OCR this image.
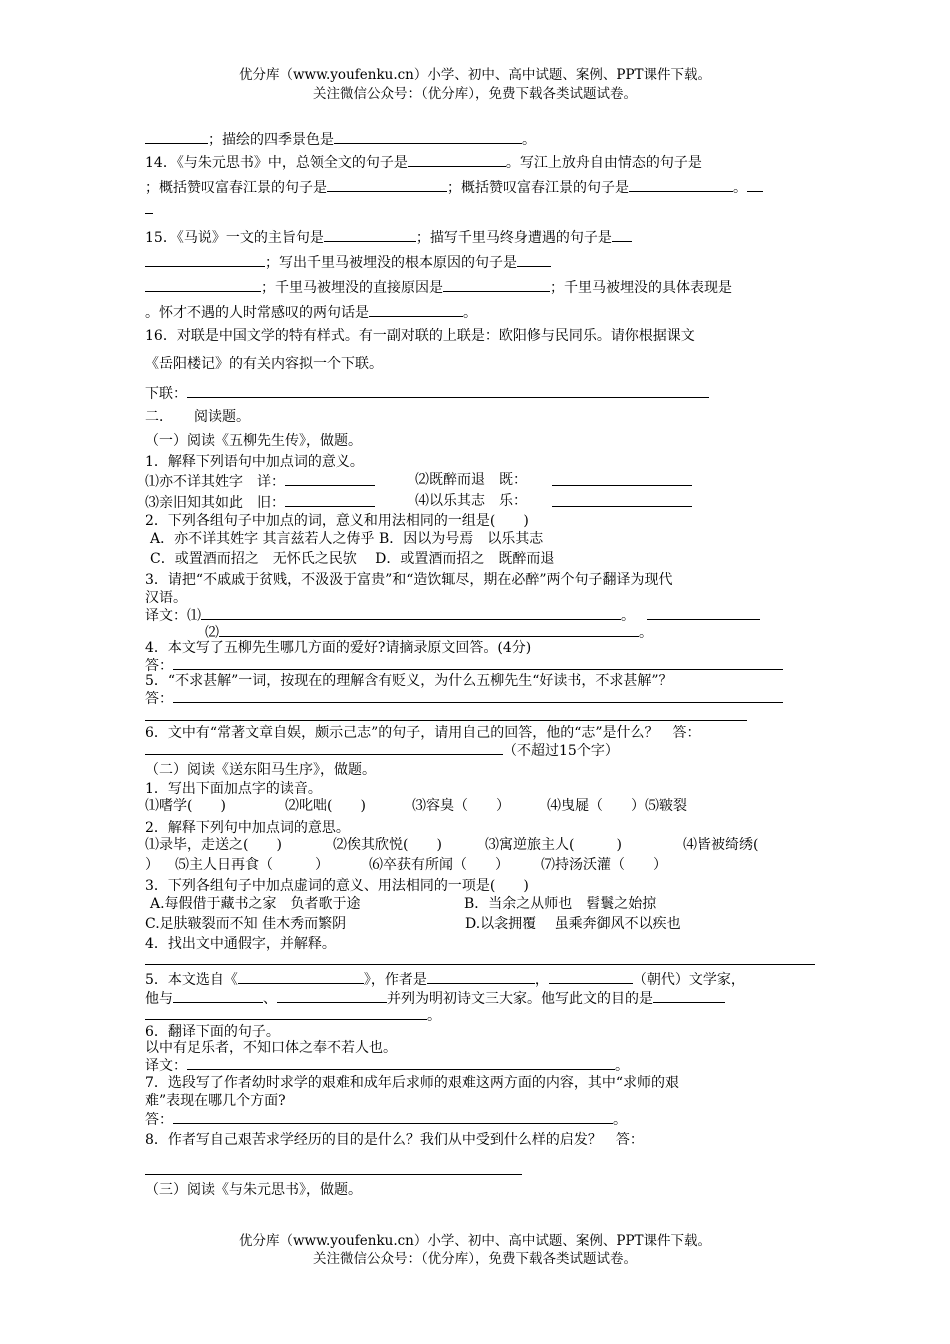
优分库（www.youfenku.cn）小学、初中、高中试题、案例、PPT课件下载。
关注微信公众号：（优分库），免费下载各类试题试卷。
；描绘的四季景色是	。
14．《与朱元思书》中，总领全文的句子是	。写江上放舟自由情态的句子是
；概括赞叹富春江景的句子是	；概括赞叹富春江景的句子是	。
15．《马说》一文的主旨句是	；描写千里马终身遭遇的句子是
；写出千里马被埋没的根本原因的句子是
；千里马被埋没的直接原因是	；千里马被埋没的具体表现是
。怀才不遇的人时常感叹的两句话是	。
16．对联是中国文学的特有样式。有一副对联的上联是：欧阳修与民同乐。请你根据课文
《岳阳楼记》的有关内容拟一个下联。
下联：
二．　　阅读题。
（一）阅读《五柳先生传》，做题。
1．解释下列语句中加点词的意义。
⑴亦不详其姓字　详：	⑵既醉而退　既：
⑶亲旧知其如此　旧：	⑷以乐其志　乐：
2．下列各组句子中加点的词，意义和用法相同的一组是(　　)
A．亦不详其姓字 其言兹若人之俦乎 B．因以为号焉　以乐其志
C．或置酒而招之　无怀氏之民欤　 D．或置酒而招之　既醉而退
3．请把“不戚戚于贫贱，不汲汲于富贵”和“造饮辄尽，期在必醉”两个句子翻译为现代
汉语。
译文：⑴	。
⑵	。
4．本文写了五柳先生哪几方面的爱好?请摘录原文回答。(4分)
答：
5．“不求甚解”一词，按现在的理解含有贬义，为什么五柳先生“好读书，不求甚解”？
答：
6．文中有“常著文章自娱，颇示己志”的句子，请用自己的回答，他的“志”是什么？　答：
（不超过15个字）
（二）阅读《送东阳马生序》，做题。
1．写出下面加点字的读音。
⑴嗜学(　　)	⑵叱咄(　　)	⑶容臭（　　）	⑷曳屣（　　）⑸皲裂
2．解释下列句中加点词的意思。
⑴录毕，走送之(　　)	⑵俟其欣悦(　　)	⑶寓逆旅主人(　　　)	⑷皆被绮绣(
） ⑸主人日再食（　　　）	⑹卒获有所闻（　　） ⑺持汤沃灌（　　）
3．下列各组句子中加点虚词的意义、用法相同的一项是(　　)
A.每假借于藏书之家　负者歌于途	B．当余之从师也　髫鬟之始掠
C.足肤皲裂而不知 佳木秀而繁阴	D.以衾拥覆　 虽乘奔御风不以疾也
4．找出文中通假字，并解释。
5．本文选自《	》，作者是	，	（朝代）文学家，
他与	、	并列为明初诗文三大家。他写此文的目的是
。
6．翻译下面的句子。
以中有足乐者，不知口体之奉不若人也。
译文：	。
7．选段写了作者幼时求学的艰难和成年后求师的艰难这两方面的内容，其中“求师的艰
难”表现在哪几个方面?
答：	。
8．作者写自己艰苦求学经历的目的是什么？我们从中受到什么样的启发？　答：
（三）阅读《与朱元思书》，做题。
优分库（www.youfenku.cn）小学、初中、高中试题、案例、PPT课件下载。
关注微信公众号：（优分库），免费下载各类试题试卷。
